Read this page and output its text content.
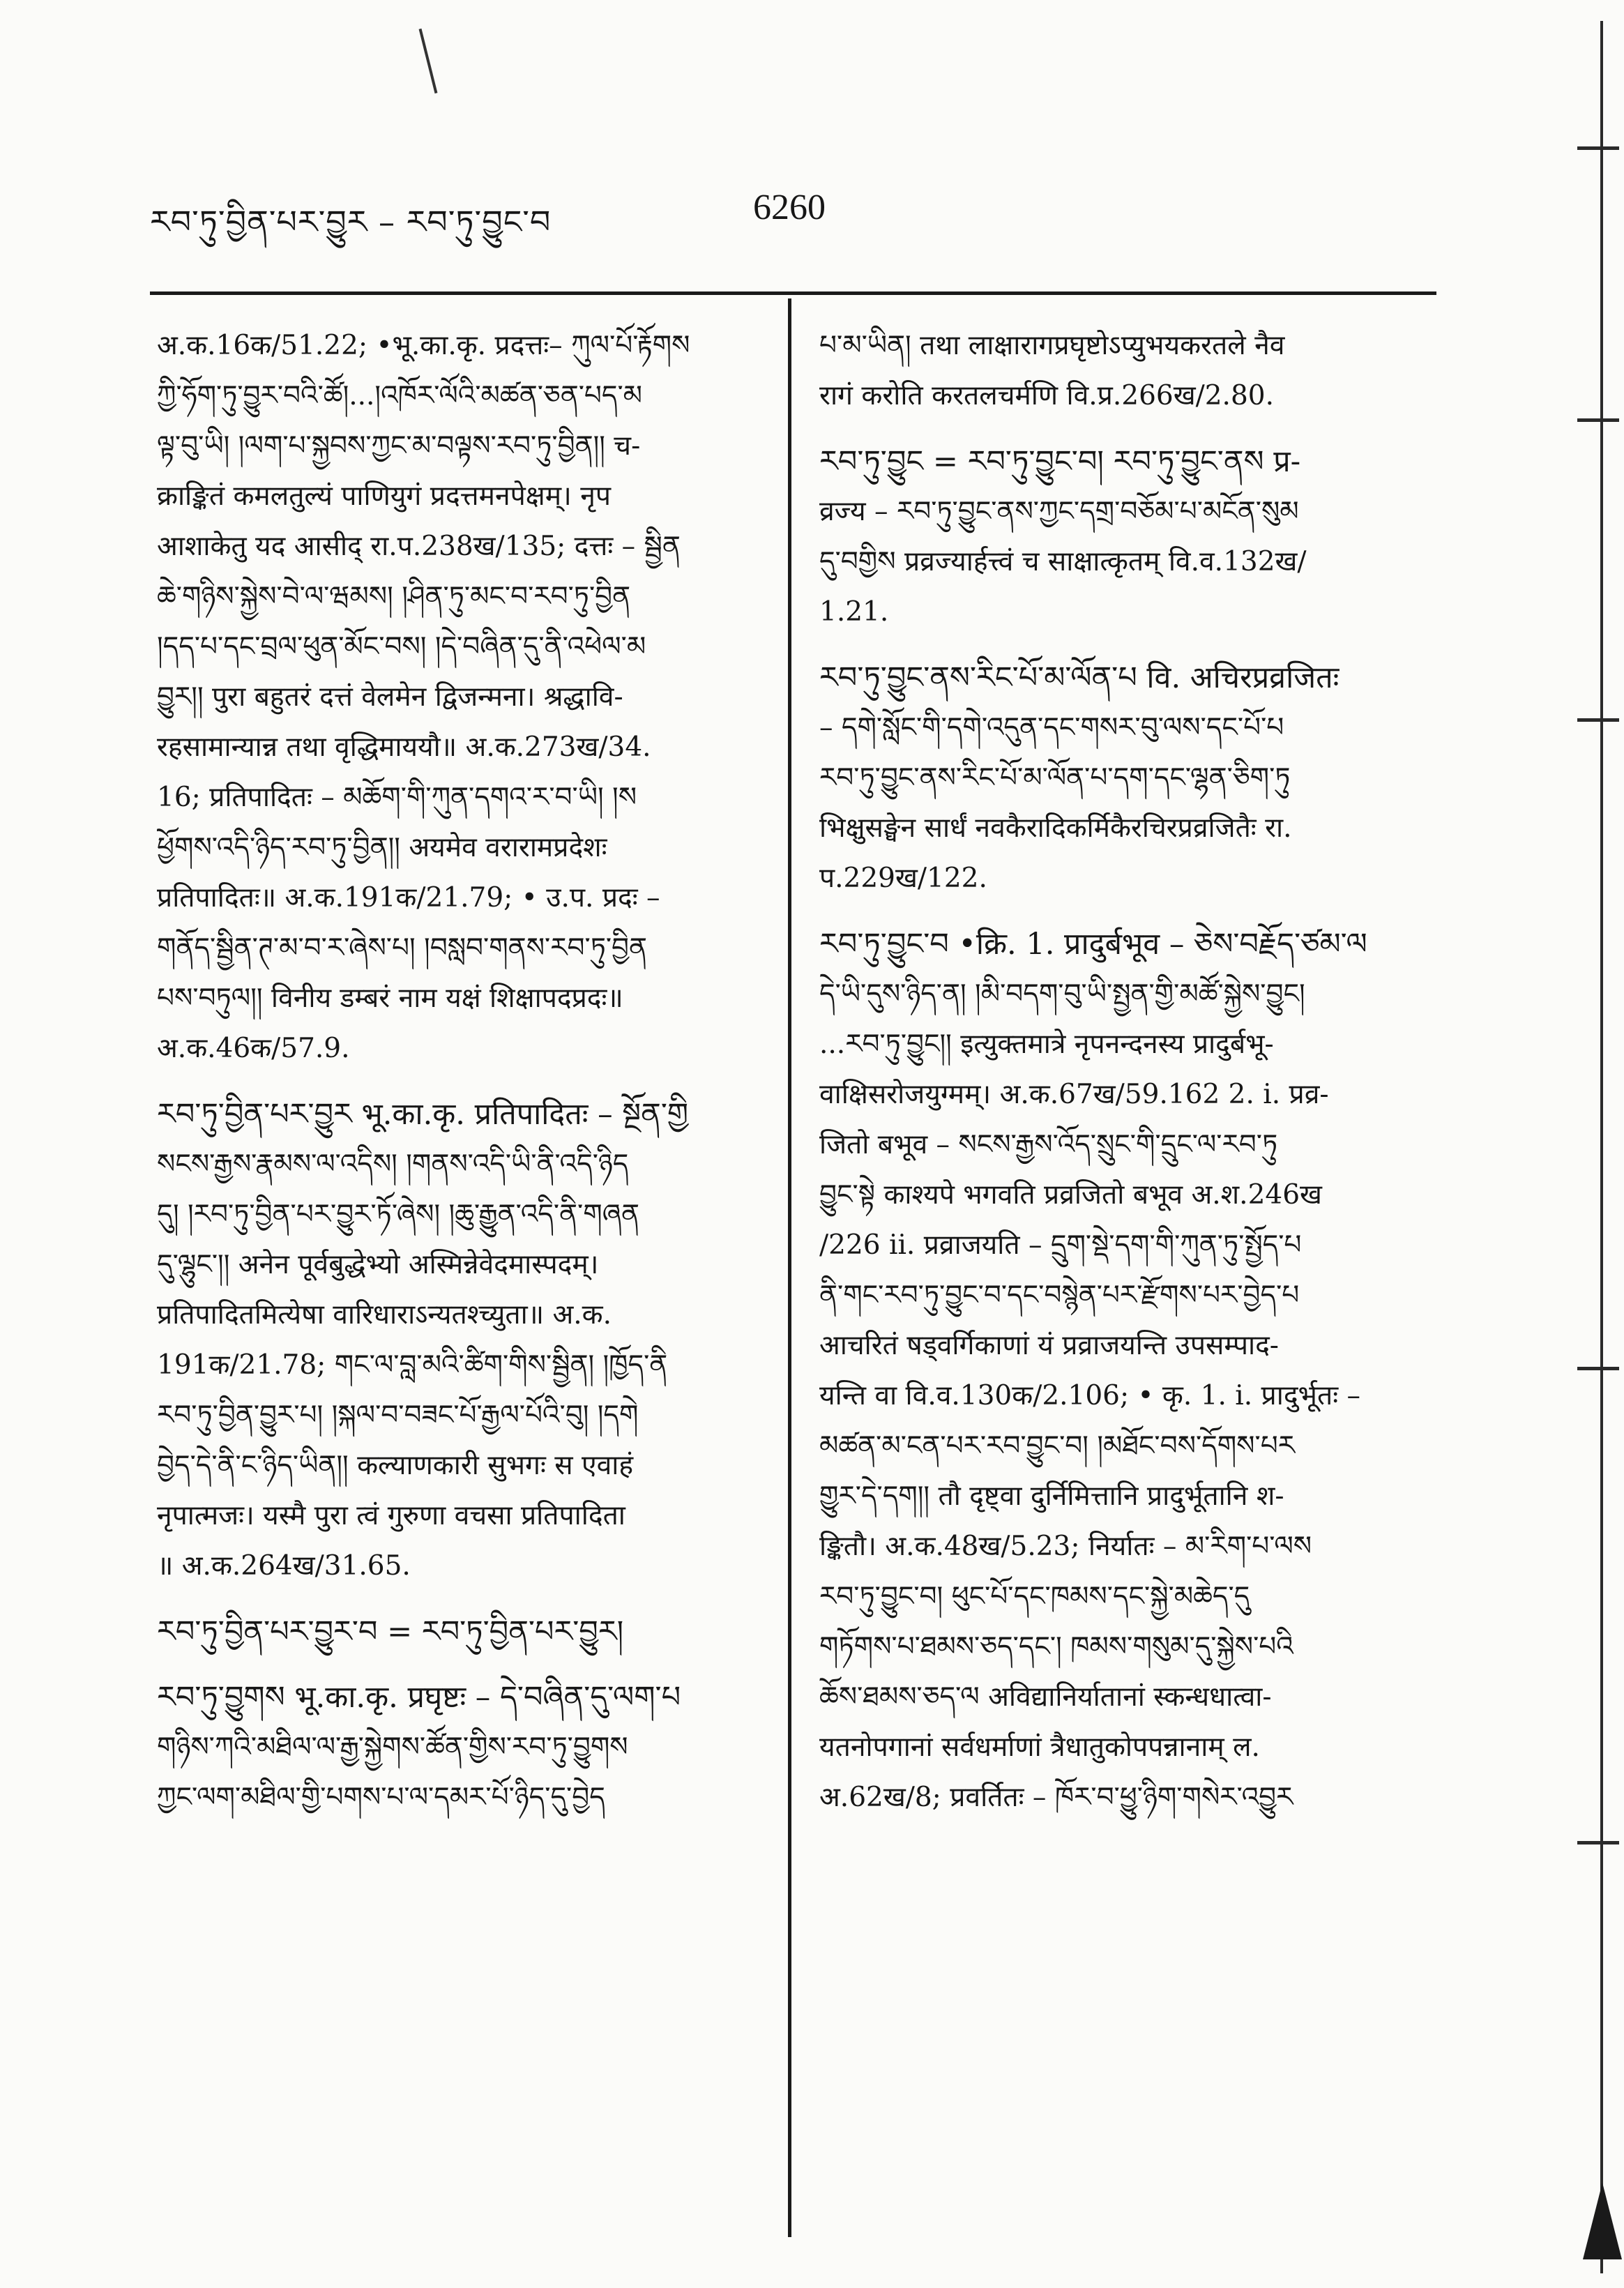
རབ་ཏུ་བྱིན་པར་བྱུར – རབ་ཏུ་བྱུང་བ	6260

अ.क.16क/51.22; •भू.का.कृ. प्रदत्तः– ཀུལ་པོ་རྟོགས

ཀྱི་ཧོག་ཏུ་བྱུར་བའི་ཚོ།...།འཁོར་ལོའི་མཚན་ཅན་པད་མ

ལྟ་བུ་ཡི། །ལག་པ་སྐྱབས་ཀྱང་མ་བལྟས་རབ་ཏུ་བྱིན།། च-

क्राङ्कितं कमलतुल्यं पाणियुगं प्रदत्तमनपेक्षम्। नृप

आशाकेतु यद आसीद् रा.प.238ख/135; दत्तः – སྦྱིན

ཆེ་གཉིས་སྐྱེས་བེ་ལ་ཝམས། །ཤིན་ཏུ་མང་བ་རབ་ཏུ་བྱིན

།དད་པ་དང་བྲལ་ཕུན་མོང་བས། །དེ་བཞིན་དུ་ནི་འཕེལ་མ

བྱུར།། पुरा बहुतरं दत्तं वेलमेन द्विजन्मना। श्रद्धावि-

रहसामान्यान्न तथा वृद्धिमाययौ॥ अ.क.273ख/34.

16; प्रतिपादितः – མཆོག་གི་ཀུན་དགའ་ར་བ་ཡི། །ས

ཕྱོགས་འདི་ཉིད་རབ་ཏུ་བྱིན།། अयमेव वरारामप्रदेशः

प्रतिपादितः॥ अ.क.191क/21.79; • उ.प. प्रदः –

གནོད་སྦྱིན་ཊ་མ་བ་ར་ཞེས་པ། །བསླབ་གནས་རབ་ཏུ་བྱིན

པས་བཏུལ།། विनीय डम्बरं नाम यक्षं शिक्षापदप्रदः॥

अ.क.46क/57.9.

རབ་ཏུ་བྱིན་པར་བྱུར भू.का.कृ. प्रतिपादितः – སྔོན་གྱི

སངས་རྒྱས་རྣམས་ལ་འདིས། །གནས་འདི་ཡི་ནི་འདི་ཉིད

དུ། །རབ་ཏུ་བྱིན་པར་བྱུར་ཏོ་ཞེས། །ཆུ་རྒྱུན་འདི་ནི་གཞན

དུ་ལྷུང་།། अनेन पूर्वबुद्धेभ्यो अस्मिन्नेवेदमास्पदम्।

प्रतिपादितमित्येषा वारिधाराऽन्यतश्च्युता॥ अ.क.

191क/21.78; གང་ལ་བླ་མའི་ཚིག་གིས་སྦྱིན། །ཁྱོད་ནི

རབ་ཏུ་བྱིན་བྱུར་པ། །སྐལ་བ་བཟང་པོ་རྒྱལ་པོའི་བུ། །དགེ

བྱེད་དེ་ནི་ང་ཉིད་ཡིན།། कल्याणकारी सुभगः स एवाहं

नृपात्मजः। यस्मै पुरा त्वं गुरुणा वचसा प्रतिपादिता

॥ अ.क.264ख/31.65.

རབ་ཏུ་བྱིན་པར་བྱུར་བ = རབ་ཏུ་བྱིན་པར་བྱུར།

རབ་ཏུ་བྱུགས भू.का.कृ. प्रघृष्टः – དེ་བཞིན་དུ་ལག་པ

གཉིས་ཀའི་མཐིལ་ལ་རྒྱ་སྐྱེགས་ཚོན་གྱིས་རབ་ཏུ་བྱུགས

ཀྱང་ལག་མཐིལ་གྱི་པགས་པ་ལ་དམར་པོ་ཉིད་དུ་བྱེད

པ་མ་ཡིན། तथा लाक्षारागप्रघृष्टोऽप्युभयकरतले नैव

रागं करोति करतलचर्मणि वि.प्र.266ख/2.80.

རབ་ཏུ་བྱུང = རབ་ཏུ་བྱུང་བ། རབ་ཏུ་བྱུང་ནས प्र-

व्रज्य – རབ་ཏུ་བྱུང་ནས་ཀྱང་དགྲ་བཅོམ་པ་མངོན་སུམ

དུ་བགྱིས प्रव्रज्यार्हत्त्वं च साक्षात्कृतम् वि.व.132ख/

1.21.

རབ་ཏུ་བྱུང་ནས་རིང་པོ་མ་ལོན་པ वि. अचिरप्रव्रजितः

– དགེ་སློང་གི་དགེ་འདུན་དང་གསར་བུ་ལས་དང་པོ་པ

རབ་ཏུ་བྱུང་ནས་རིང་པོ་མ་ལོན་པ་དག་དང་ལྷན་ཅིག་ཏུ

भिक्षुसङ्घेन सार्धं नवकैरादिकर्मिकैरचिरप्रव्रजितैः रा.

प.229ख/122.

རབ་ཏུ་བྱུང་བ •क्रि. 1. प्रादुर्बभूव – ཅེས་བརྗོད་ཙམ་ལ

དེ་ཡི་དུས་ཉིད་ན། །མི་བདག་བུ་ཡི་སྤྱན་གྱི་མཚོ་སྐྱེས་བྱུང།

...རབ་ཏུ་བྱུང།། इत्युक्तमात्रे नृपनन्दनस्य प्रादुर्बभू-

वाक्षिसरोजयुग्मम्। अ.क.67ख/59.162 2. i. प्रव्र-

जितो बभूव – སངས་རྒྱས་འོད་སྲུང་གི་དྲུང་ལ་རབ་ཏུ

བྱུང་སྟེ काश्यपे भगवति प्रव्रजितो बभूव अ.श.246ख

/226 ii. प्रव्राजयति – དྲུག་སྡེ་དག་གི་ཀུན་ཏུ་སྤྱོད་པ

ནི་གང་རབ་ཏུ་བྱུང་བ་དང་བསྙེན་པར་རྫོགས་པར་བྱེད་པ

आचरितं षड्वर्गिकाणां यं प्रव्राजयन्ति उपसम्पाद-

यन्ति वा वि.व.130क/2.106; • कृ. 1. i. प्रादुर्भूतः –

མཚན་མ་ངན་པར་རབ་བྱུང་བ། །མཐོང་བས་དོགས་པར

གྱུར་དེ་དག།། तौ दृष्ट्वा दुर्निमित्तानि प्रादुर्भूतानि श-

ङ्कितौ। अ.क.48ख/5.23; निर्यातः – མ་རིག་པ་ལས

རབ་ཏུ་བྱུང་བ། ཕུང་པོ་དང་ཁམས་དང་སྐྱེ་མཆེད་དུ

གཏོགས་པ་ཐམས་ཅད་དང་། ཁམས་གསུམ་དུ་སྐྱེས་པའི

ཆོས་ཐམས་ཅད་ལ अविद्यानिर्यातानां स्कन्धधात्वा-

यतनोपगानां सर्वधर्माणां त्रैधातुकोपपन्नानाम् ल.

अ.62ख/8; प्रवर्तितः – ཁོར་བ་ཕྱུ་ཉིག་གསེར་འབྱུར
